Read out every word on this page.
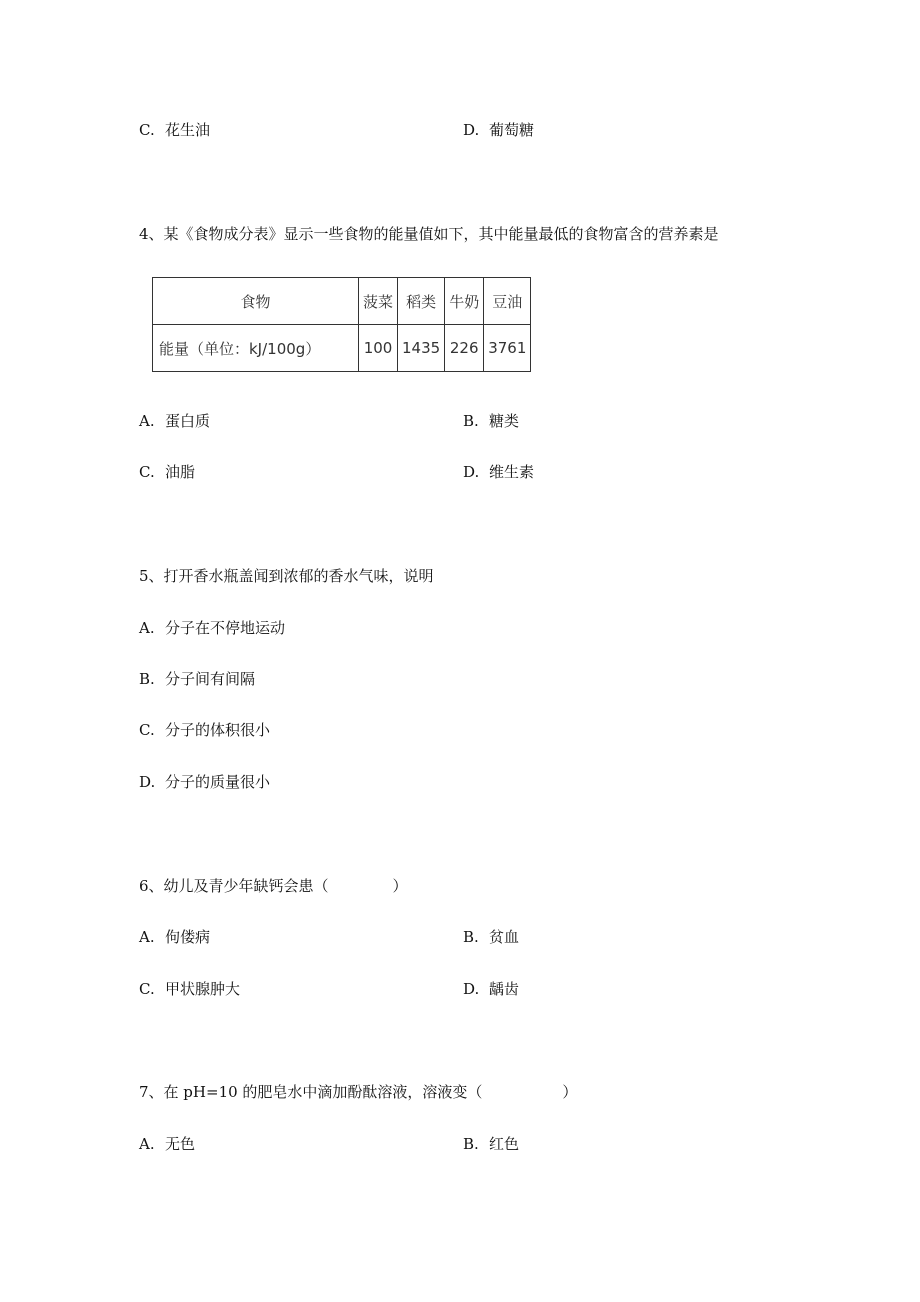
C. 花生油	D. 葡萄糖
4、某《食物成分表》显示一些食物的能量值如下，其中能量最低的食物富含的营养素是
食物	菠菜	稻类	牛奶	豆油
能量（单位：kJ/100g）	100	1435	226	3761
A. 蛋白质	B. 糖类
C. 油脂	D. 维生素
5、打开香水瓶盖闻到浓郁的香水气味，说明
A. 分子在不停地运动
B. 分子间有间隔
C. 分子的体积很小
D. 分子的质量很小
6、幼儿及青少年缺钙会患（	）
A. 佝偻病	B. 贫血
C. 甲状腺肿大	D. 龋齿
7、在 pH=10 的肥皂水中滴加酚酞溶液，溶液变（	）
A. 无色	B. 红色
